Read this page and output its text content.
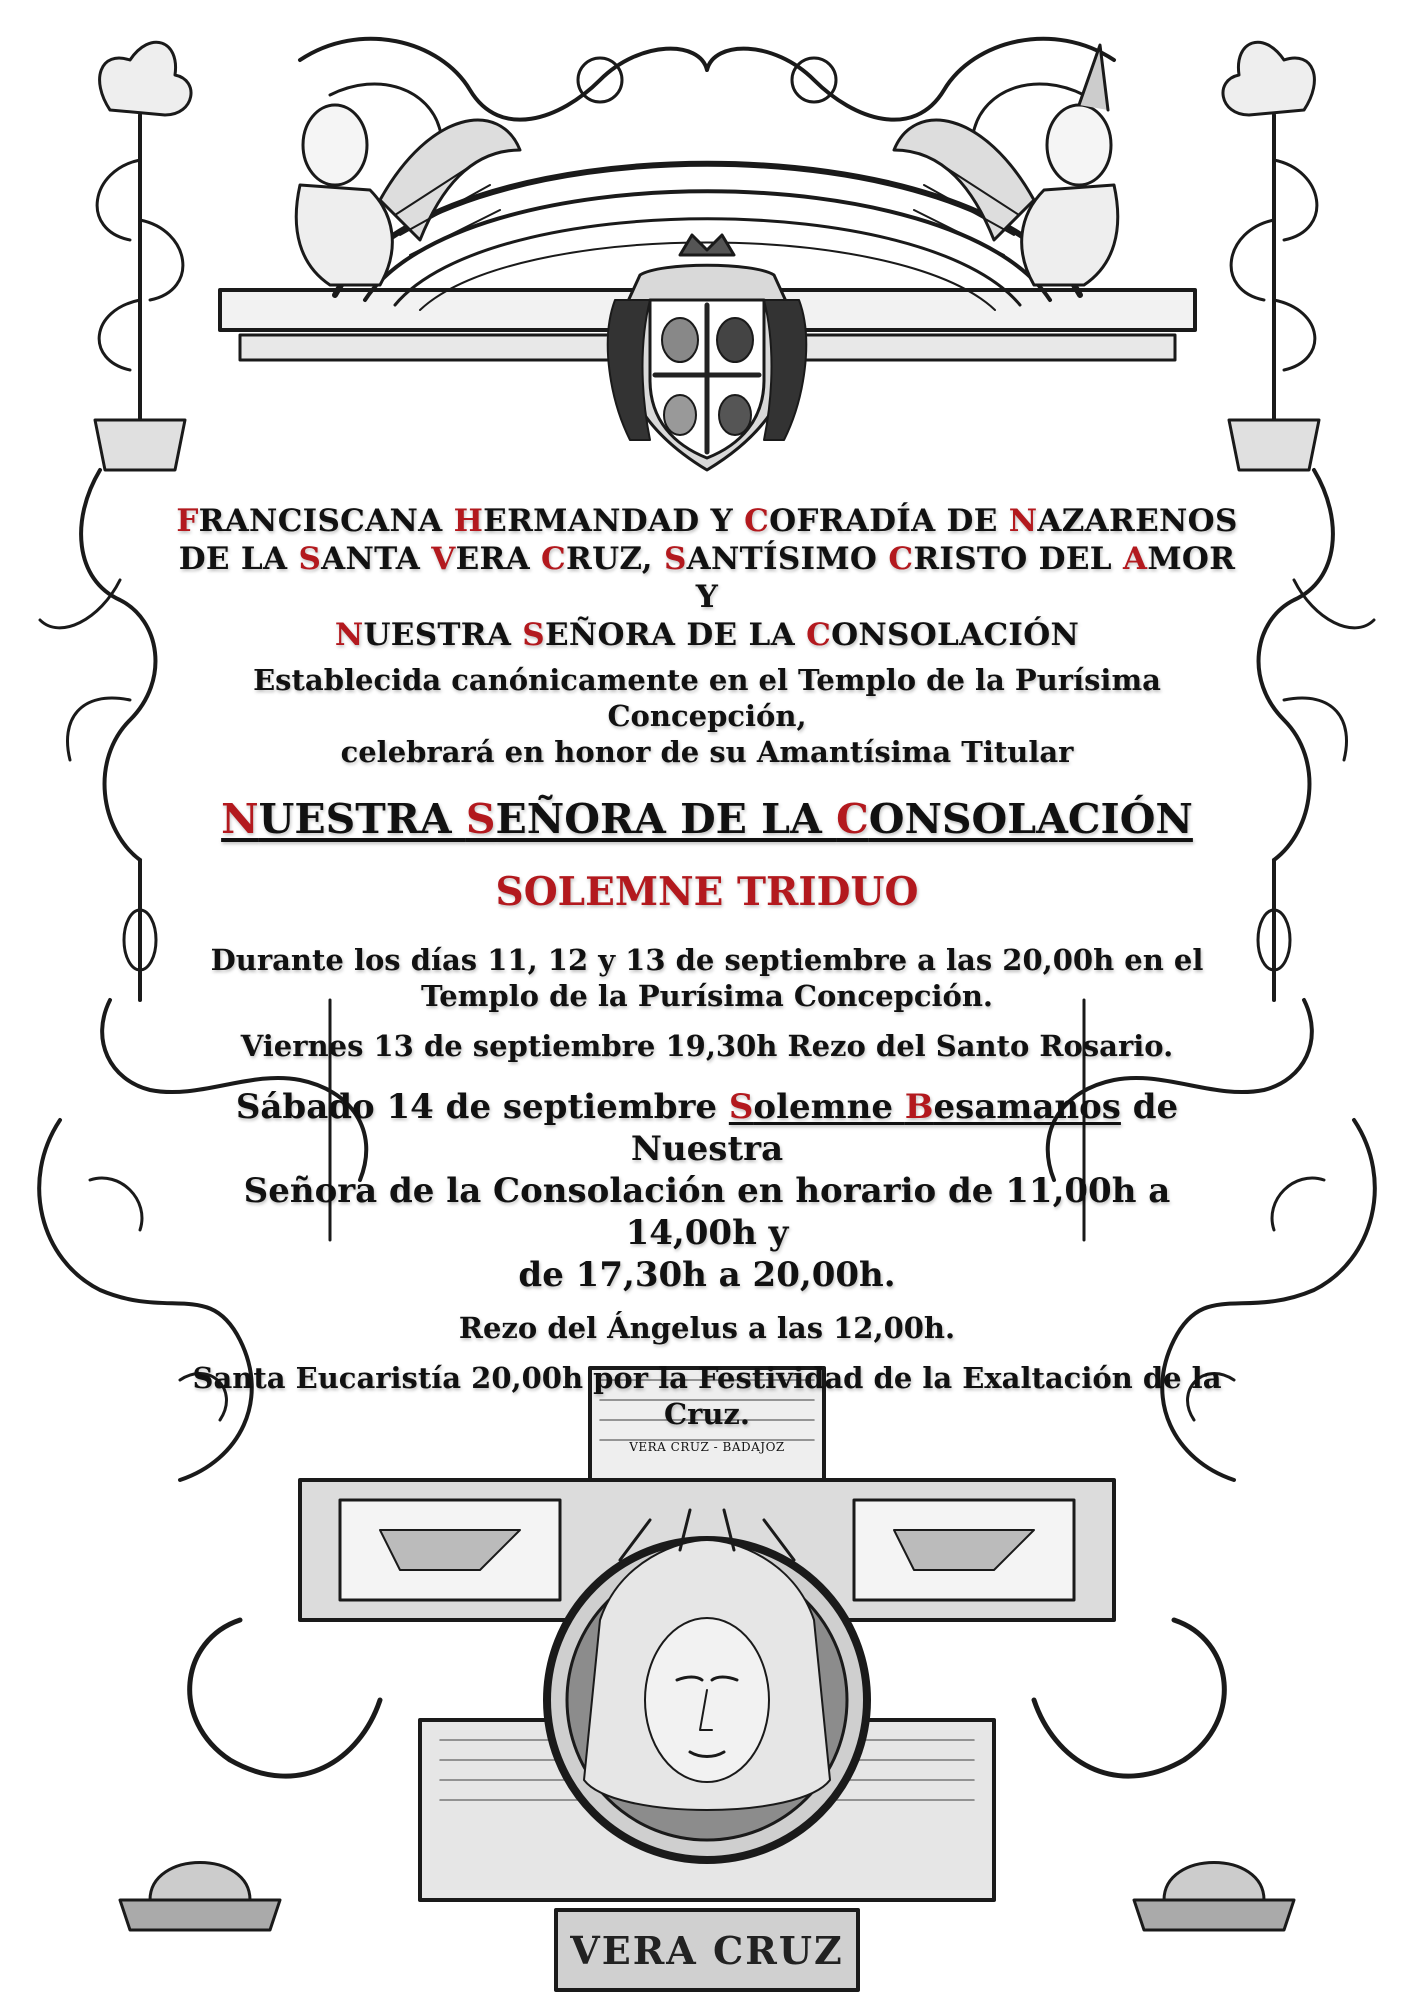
FRANCISCANA HERMANDAD Y COFRADÍA DE NAZARENOS
DE LA SANTA VERA CRUZ, SANTÍSIMO CRISTO DEL AMOR Y
NUESTRA SEÑORA DE LA CONSOLACIÓN
Establecida canónicamente en el Templo de la Purísima
Concepción,
celebrará en honor de su Amantísima Titular
NUESTRA SEÑORA DE LA CONSOLACIÓN
SOLEMNE TRIDUO
Durante los días 11, 12 y 13 de septiembre a las 20,00h en el
Templo de la Purísima Concepción.
Viernes 13 de septiembre 19,30h Rezo del Santo Rosario.
Sábado 14 de septiembre Solemne Besamanos de Nuestra
Señora de la Consolación en horario de 11,00h a 14,00h y
de 17,30h a 20,00h.
Rezo del Ángelus a las 12,00h.
Santa Eucaristía 20,00h por la Festividad de la Exaltación de la
Cruz.
VERA CRUZ - BADAJOZ
VERA CRUZ
